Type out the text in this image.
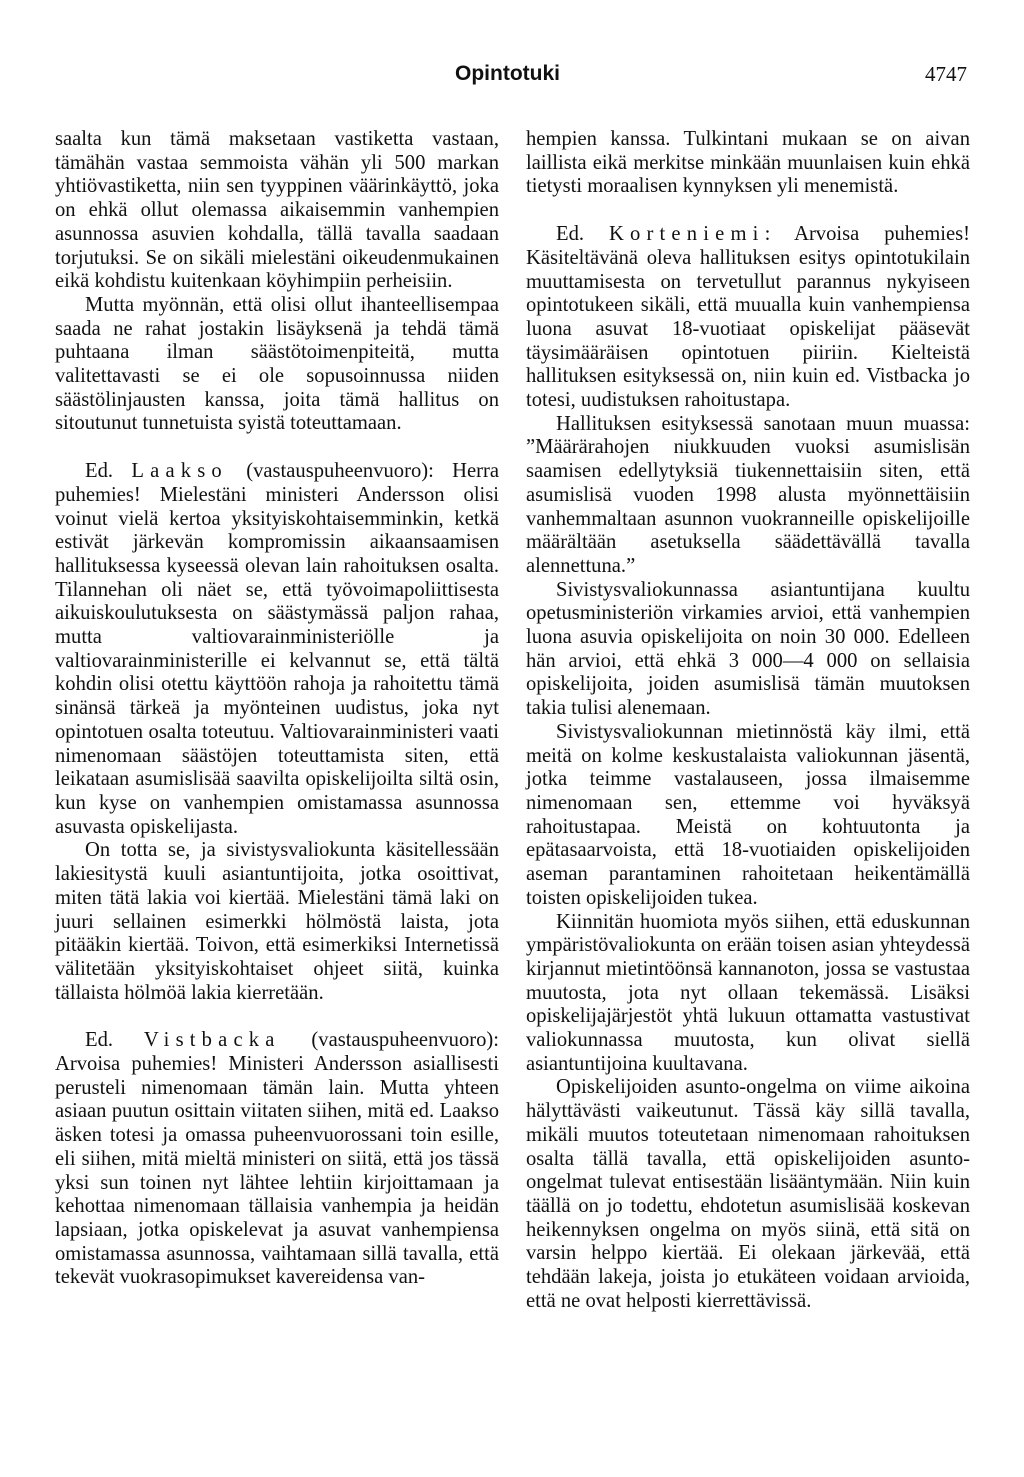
Opintotuki	4747

saalta kun tämä maksetaan vastiketta vastaan, tämähän vastaa semmoista vähän yli 500 markan yhtiövastiketta, niin sen tyyppinen väärinkäyttö, joka on ehkä ollut olemassa aikaisemmin vanhempien asunnossa asuvien kohdalla, tällä tavalla saadaan torjutuksi. Se on sikäli mielestäni oikeudenmukainen eikä kohdistu kuitenkaan köyhimpiin perheisiin.

Mutta myönnän, että olisi ollut ihanteellisempaa saada ne rahat jostakin lisäyksenä ja tehdä tämä puhtaana ilman säästötoimenpiteitä, mutta valitettavasti se ei ole sopusoinnussa niiden säästölinjausten kanssa, joita tämä hallitus on sitoutunut tunnetuista syistä toteuttamaan.

Ed. Laakso (vastauspuheenvuoro): Herra puhemies! Mielestäni ministeri Andersson olisi voinut vielä kertoa yksityiskohtaisemminkin, ketkä estivät järkevän kompromissin aikaansaamisen hallituksessa kyseessä olevan lain rahoituksen osalta. Tilannehan oli näet se, että työvoimapoliittisesta aikuiskoulutuksesta on säästymässä paljon rahaa, mutta valtiovarainministeriölle ja valtiovarainministerille ei kelvannut se, että tältä kohdin olisi otettu käyttöön rahoja ja rahoitettu tämä sinänsä tärkeä ja myönteinen uudistus, joka nyt opintotuen osalta toteutuu. Valtiovarainministeri vaati nimenomaan säästöjen toteuttamista siten, että leikataan asumislisää saavilta opiskelijoilta siltä osin, kun kyse on vanhempien omistamassa asunnossa asuvasta opiskelijasta.

On totta se, ja sivistysvaliokunta käsitellessään lakiesitystä kuuli asiantuntijoita, jotka osoittivat, miten tätä lakia voi kiertää. Mielestäni tämä laki on juuri sellainen esimerkki hölmöstä laista, jota pitääkin kiertää. Toivon, että esimerkiksi Internetissä välitetään yksityiskohtaiset ohjeet siitä, kuinka tällaista hölmöä lakia kierretään.

Ed. Vistbacka (vastauspuheenvuoro): Arvoisa puhemies! Ministeri Andersson asiallisesti perusteli nimenomaan tämän lain. Mutta yhteen asiaan puutun osittain viitaten siihen, mitä ed. Laakso äsken totesi ja omassa puheenvuorossani toin esille, eli siihen, mitä mieltä ministeri on siitä, että jos tässä yksi sun toinen nyt lähtee lehtiin kirjoittamaan ja kehottaa nimenomaan tällaisia vanhempia ja heidän lapsiaan, jotka opiskelevat ja asuvat vanhempiensa omistamassa asunnossa, vaihtamaan sillä tavalla, että tekevät vuokrasopimukset kavereidensa van-

hempien kanssa. Tulkintani mukaan se on aivan laillista eikä merkitse minkään muunlaisen kuin ehkä tietysti moraalisen kynnyksen yli menemistä.

Ed. Korteniemi: Arvoisa puhemies! Käsiteltävänä oleva hallituksen esitys opintotukilain muuttamisesta on tervetullut parannus nykyiseen opintotukeen sikäli, että muualla kuin vanhempiensa luona asuvat 18-vuotiaat opiskelijat pääsevät täysimääräisen opintotuen piiriin. Kielteistä hallituksen esityksessä on, niin kuin ed. Vistbacka jo totesi, uudistuksen rahoitustapa.

Hallituksen esityksessä sanotaan muun muassa: ”Määrärahojen niukkuuden vuoksi asumislisän saamisen edellytyksiä tiukennettaisiin siten, että asumislisä vuoden 1998 alusta myönnettäisiin vanhemmaltaan asunnon vuokranneille opiskelijoille määrältään asetuksella säädettävällä tavalla alennettuna.”

Sivistysvaliokunnassa asiantuntijana kuultu opetusministeriön virkamies arvioi, että vanhempien luona asuvia opiskelijoita on noin 30 000. Edelleen hän arvioi, että ehkä 3 000—4 000 on sellaisia opiskelijoita, joiden asumislisä tämän muutoksen takia tulisi alenemaan.

Sivistysvaliokunnan mietinnöstä käy ilmi, että meitä on kolme keskustalaista valiokunnan jäsentä, jotka teimme vastalauseen, jossa ilmaisemme nimenomaan sen, ettemme voi hyväksyä rahoitustapaa. Meistä on kohtuutonta ja epätasaarvoista, että 18-vuotiaiden opiskelijoiden aseman parantaminen rahoitetaan heikentämällä toisten opiskelijoiden tukea.

Kiinnitän huomiota myös siihen, että eduskunnan ympäristövaliokunta on erään toisen asian yhteydessä kirjannut mietintöönsä kannanoton, jossa se vastustaa muutosta, jota nyt ollaan tekemässä. Lisäksi opiskelijajärjestöt yhtä lukuun ottamatta vastustivat valiokunnassa muutosta, kun olivat siellä asiantuntijoina kuultavana.

Opiskelijoiden asunto-ongelma on viime aikoina hälyttävästi vaikeutunut. Tässä käy sillä tavalla, mikäli muutos toteutetaan nimenomaan rahoituksen osalta tällä tavalla, että opiskelijoiden asunto-ongelmat tulevat entisestään lisääntymään. Niin kuin täällä on jo todettu, ehdotetun asumislisää koskevan heikennyksen ongelma on myös siinä, että sitä on varsin helppo kiertää. Ei olekaan järkevää, että tehdään lakeja, joista jo etukäteen voidaan arvioida, että ne ovat helposti kierrettävissä.
